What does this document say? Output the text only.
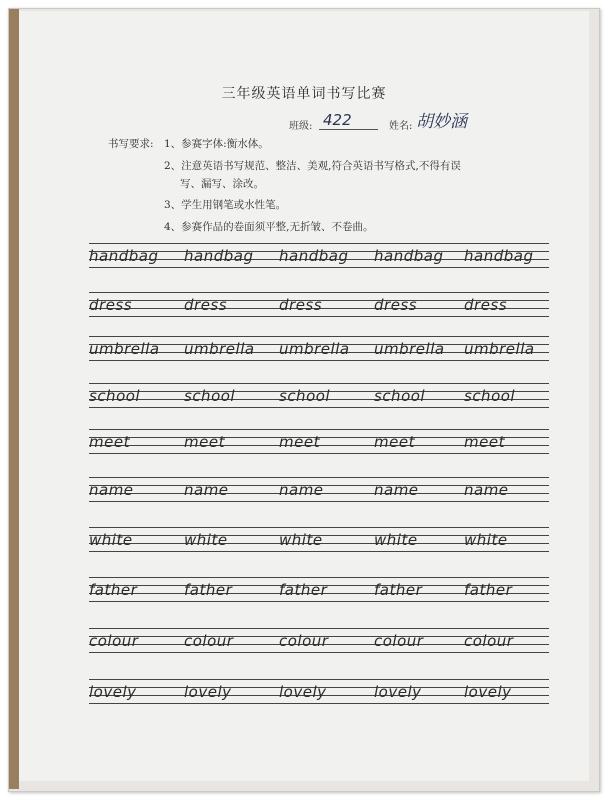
三年级英语单词书写比赛
班级: 422	姓名: 胡妙涵
书写要求: 1、参赛字体:衡水体。
2、注意英语书写规范、整洁、美观,符合英语书写格式,不得有误
写、漏写、涂改。
3、学生用钢笔或水性笔。
4、参赛作品的卷面须平整,无折皱、不卷曲。
handbag handbag handbag handbag handbag
dress	dress	dress	dress	dress
umbrella umbrella umbrella umbrella umbrella
school	school	school	school	school
meet	meet	meet	meet	meet
name	name	name	name	name
white	white	white	white	white
father	father	father	father	father
colour	colour	colour	colour	colour
lovely	lovely	lovely	lovely	lovely
